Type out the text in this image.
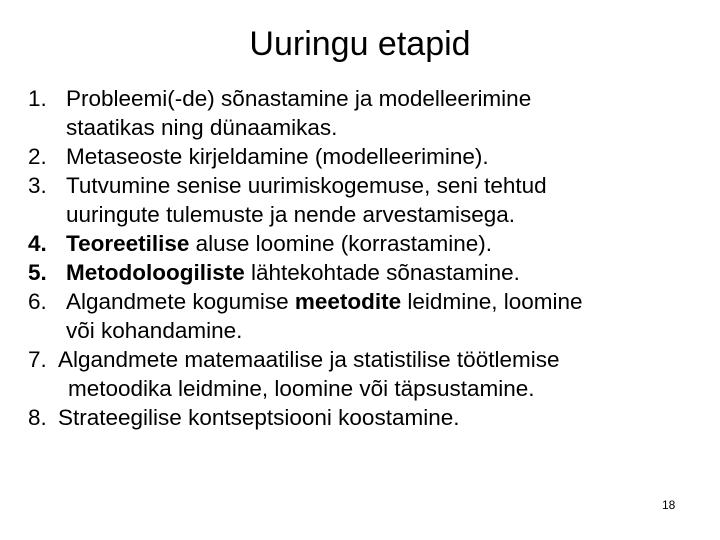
Uuringu etapid
1. Probleemi(-de) sõnastamine ja modelleerimine
staatikas ning dünaamikas.
2. Metaseoste kirjeldamine (modelleerimine).
3. Tutvumine senise uurimiskogemuse, seni tehtud
uuringute tulemuste ja nende arvestamisega.
4. Teoreetilise aluse loomine (korrastamine).
5. Metodoloogiliste lähtekohtade sõnastamine.
6. Algandmete kogumise meetodite leidmine, loomine
või kohandamine.
7. Algandmete matemaatilise ja statistilise töötlemise
metoodika leidmine, loomine või täpsustamine.
8. Strateegilise kontseptsiooni koostamine.
18
